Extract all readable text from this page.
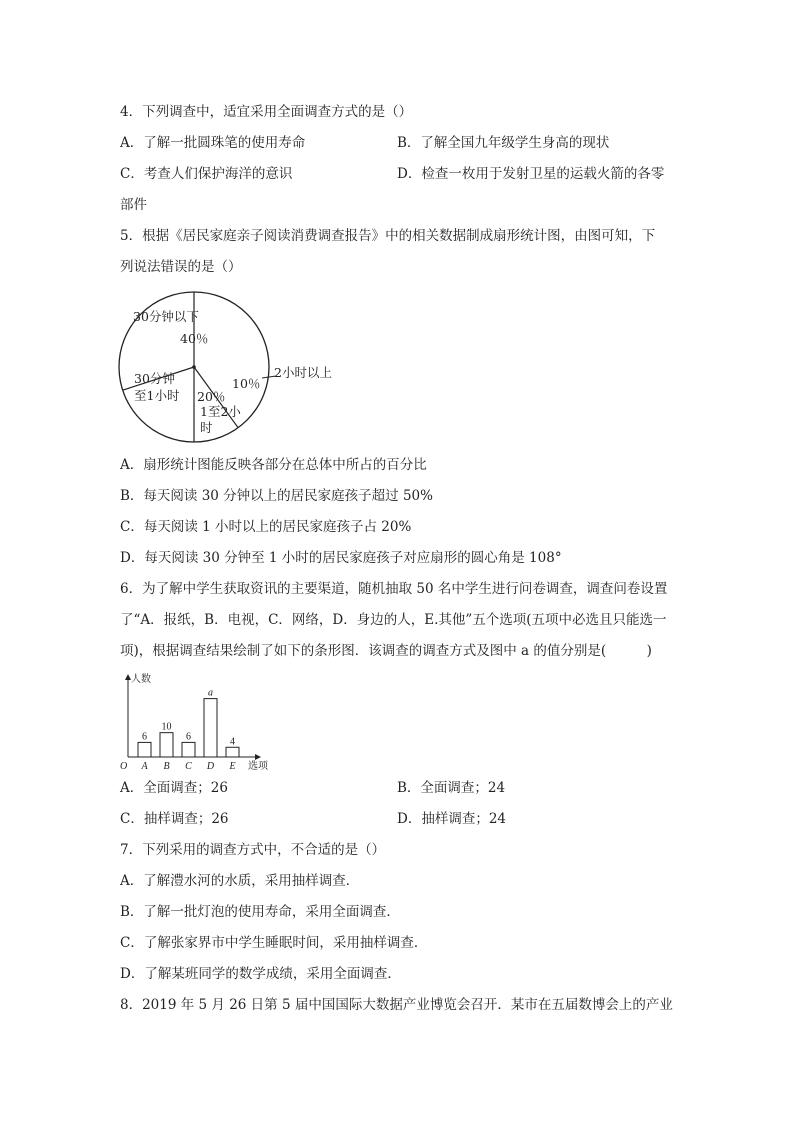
4．下列调查中，适宜采用全面调查方式的是（）
A．了解一批圆珠笔的使用寿命	B．了解全国九年级学生身高的现状
C．考查人们保护海洋的意识	D．检查一枚用于发射卫星的运载火箭的各零
部件
5．根据《居民家庭亲子阅读消费调查报告》中的相关数据制成扇形统计图，由图可知，下
列说法错误的是（）
30分钟以下
40％
30分钟
至1小时 20％
1至2小
时
10％
2小时以上
A．扇形统计图能反映各部分在总体中所占的百分比
B．每天阅读 30 分钟以上的居民家庭孩子超过 50%
C．每天阅读 1 小时以上的居民家庭孩子占 20%
D．每天阅读 30 分钟至 1 小时的居民家庭孩子对应扇形的圆心角是 108°
6．为了解中学生获取资讯的主要渠道，随机抽取 50 名中学生进行问卷调查，调查问卷设置
了“A．报纸，B．电视，C．网络，D．身边的人，E.其他”五个选项(五项中必选且只能选一
项)，根据调查结果绘制了如下的条形图．该调查的调查方式及图中 a 的值分别是(　　　)
人数
选项
O
6
A
10
B
6
C
a
D
4
E
A．全面调查；26	B．全面调查；24
C．抽样调查；26	D．抽样调查；24
7．下列采用的调查方式中，不合适的是（）
A．了解澧水河的水质，采用抽样调查．
B．了解一批灯泡的使用寿命，采用全面调查．
C．了解张家界市中学生睡眠时间，采用抽样调查．
D．了解某班同学的数学成绩，采用全面调查．
8．2019 年 5 月 26 日第 5 届中国国际大数据产业博览会召开．某市在五届数博会上的产业
